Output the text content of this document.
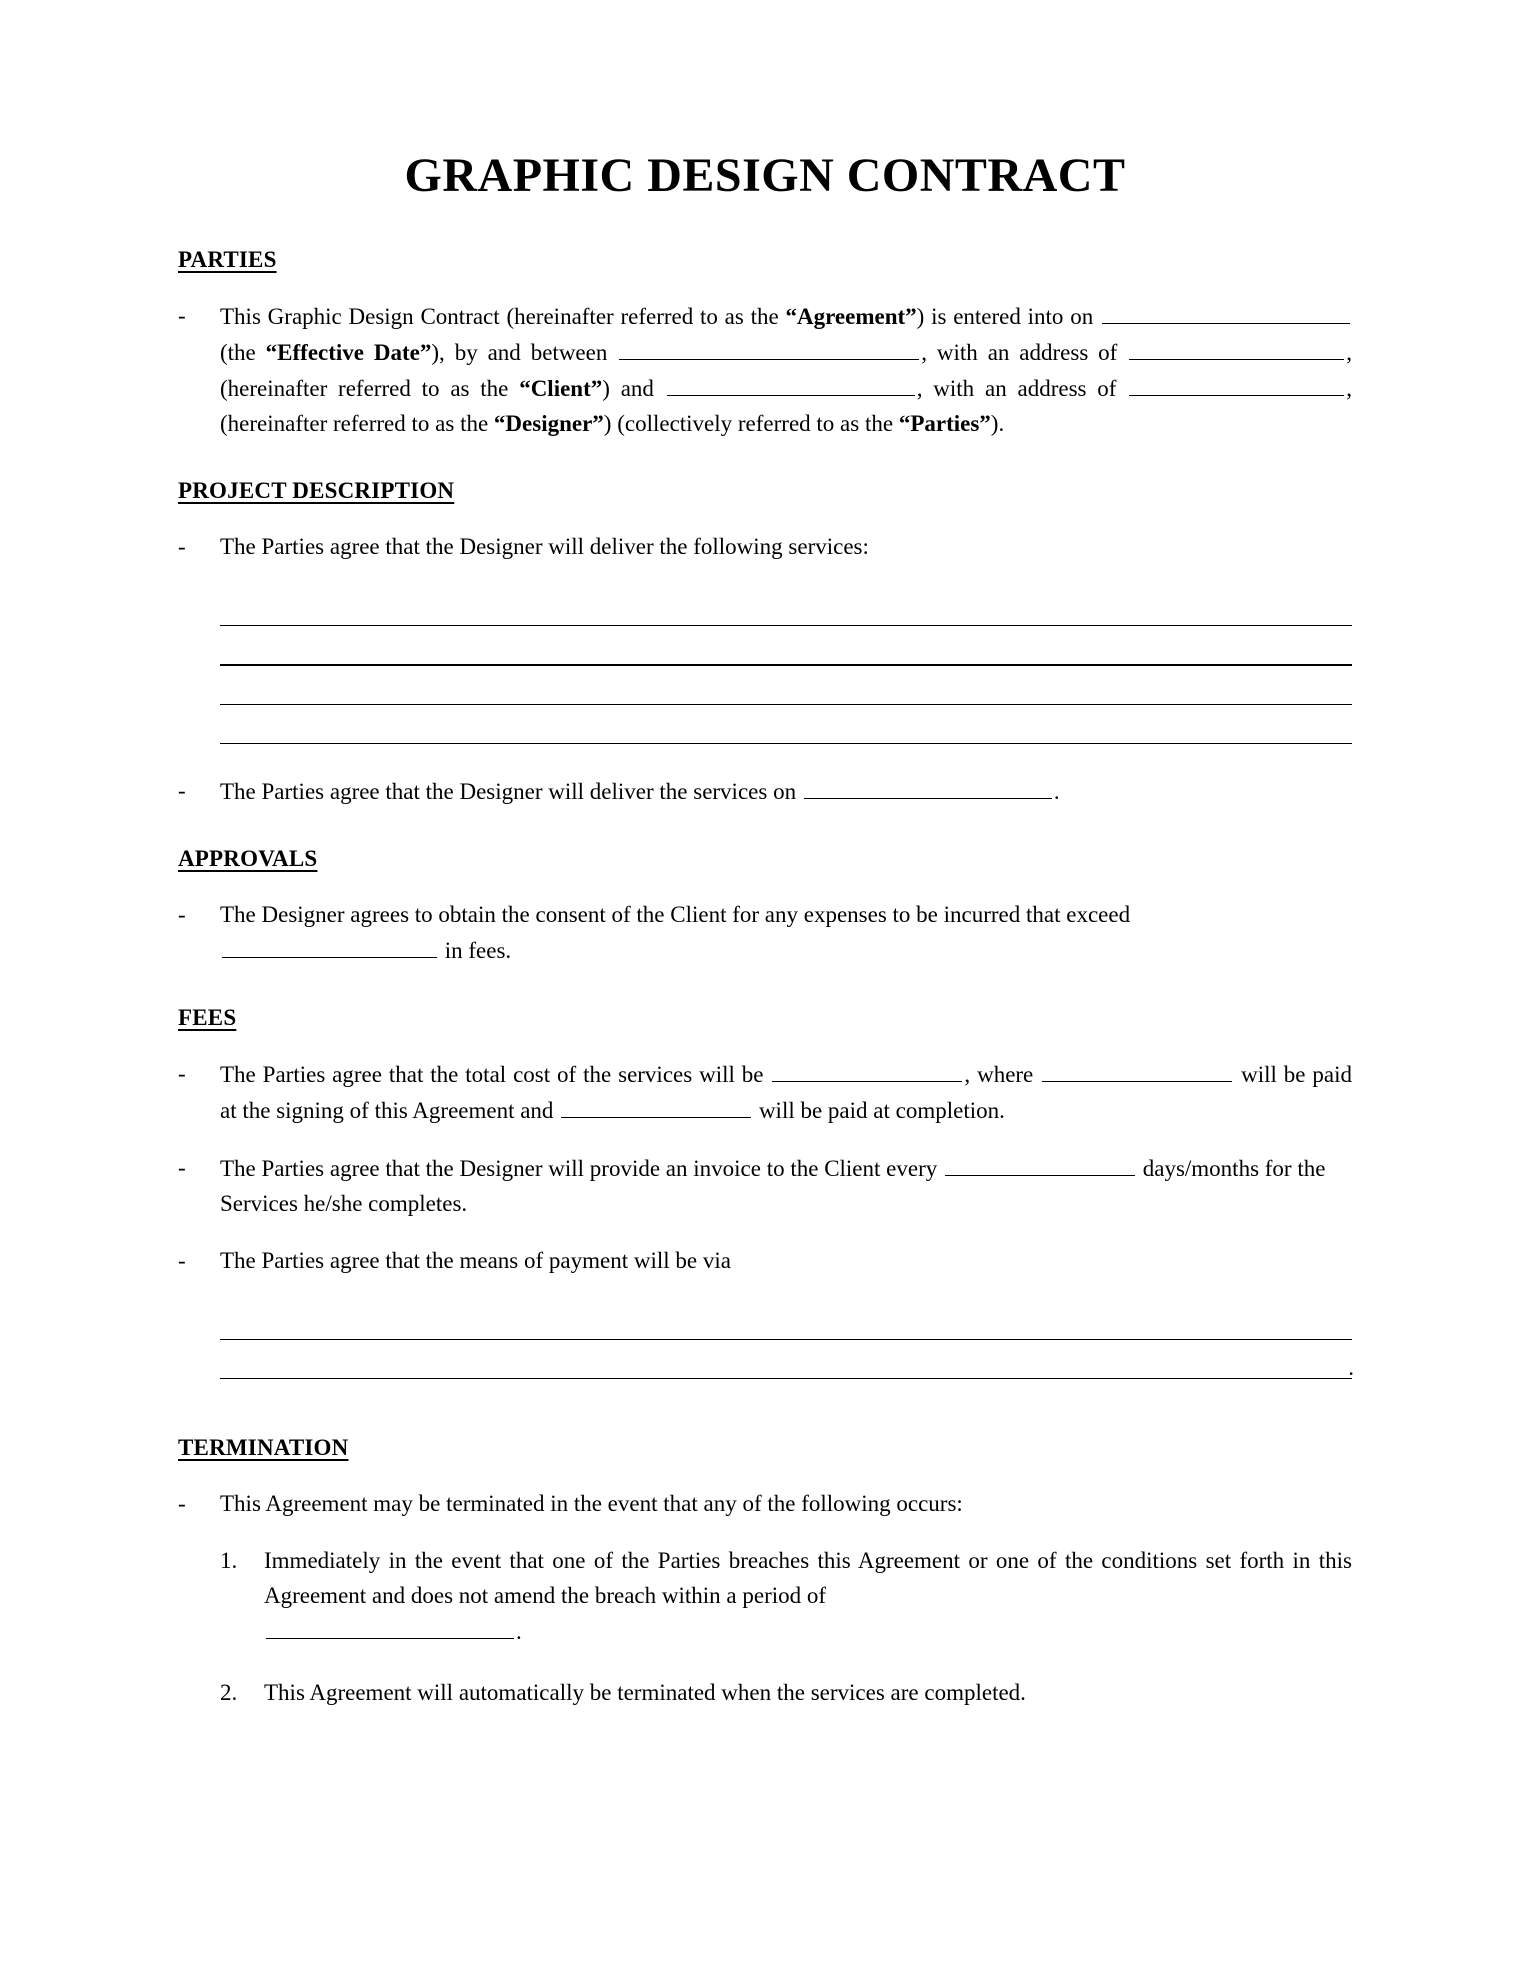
GRAPHIC DESIGN CONTRACT
PARTIES
-	This Graphic Design Contract (hereinafter referred to as the “Agreement”) is entered into on  (the “Effective Date”), by and between	, with an address of	, (hereinafter referred to as the “Client”) and	, with an address of	, (hereinafter referred to as the “Designer”) (collectively referred to as the “Parties”).
PROJECT DESCRIPTION
-	The Parties agree that the Designer will deliver the following services:
-	The Parties agree that the Designer will deliver the services on	.
APPROVALS
-	The Designer agrees to obtain the consent of the Client for any expenses to be incurred that exceed  in fees.
FEES
-	The Parties agree that the total cost of the services will be	, where	will be paid at the signing of this Agreement and	will be paid at completion.
-	The Parties agree that the Designer will provide an invoice to the Client every	days/months for the Services he/she completes.
-	The Parties agree that the means of payment will be via
.
TERMINATION
-	This Agreement may be terminated in the event that any of the following occurs:
1.	Immediately in the event that one of the Parties breaches this Agreement or one of the conditions set forth in this Agreement and does not amend the breach within a period of
.
2.	This Agreement will automatically be terminated when the services are completed.
